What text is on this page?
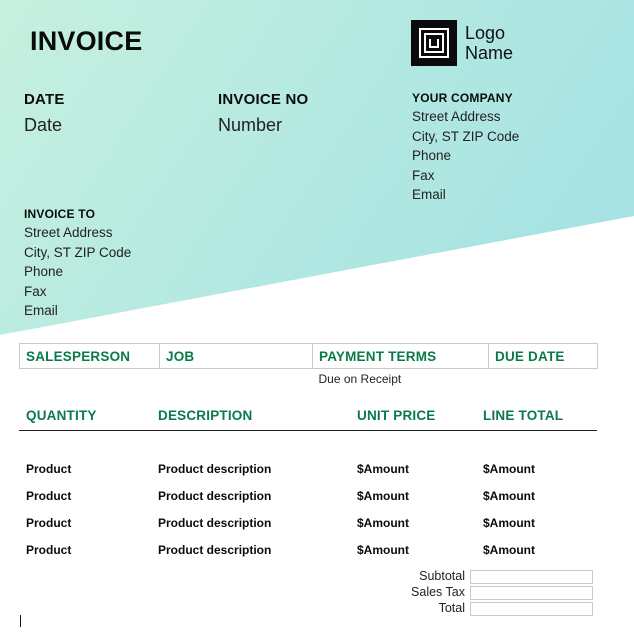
INVOICE	Logo
Name
DATE
Date
INVOICE NO
Number
YOUR COMPANY
Street Address
City, ST ZIP Code
Phone
Fax
Email
INVOICE TO
Street Address
City, ST ZIP Code
Phone
Fax
Email
SALESPERSON	JOB	PAYMENT TERMS	DUE DATE
		Due on Receipt	
QUANTITY	DESCRIPTION	UNIT PRICE	LINE TOTAL
Product	Product description	$Amount	$Amount
Product	Product description	$Amount	$Amount
Product	Product description	$Amount	$Amount
Product	Product description	$Amount	$Amount
Subtotal
Sales Tax
Total
